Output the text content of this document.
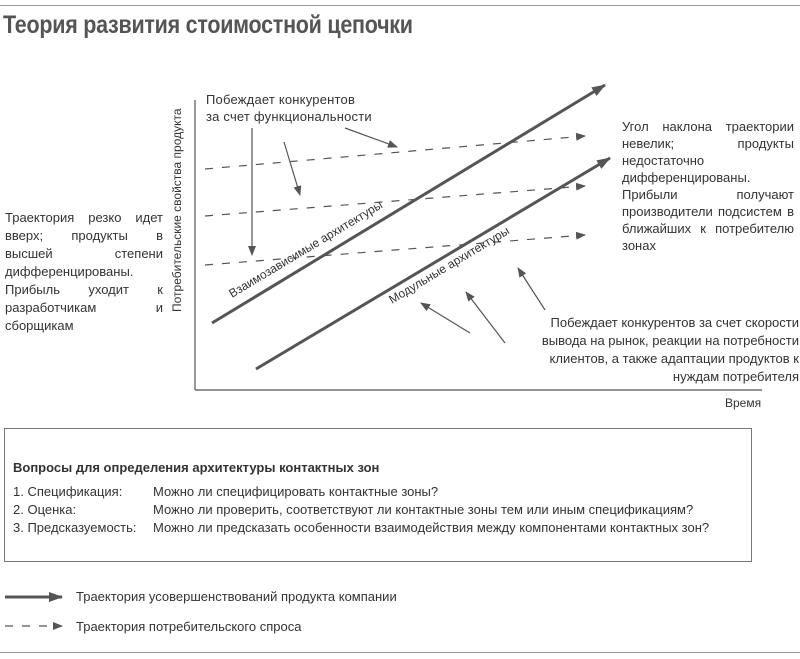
Теория развития стоимостной цепочки
Потребительские свойства продукта
Время
Взаимозависимые архитектуры Модульные архитектуры
Побеждает конкурентов
за счет функциональности
Траектория резко идет вверх; продукты в высшей степени дифференцированы. Прибыль уходит к разработчикам и сборщикам
Угол наклона траектории невелик; продукты недостаточно дифференцированы. Прибыли получают производители подсистем в ближайших к потребителю зонах
Побеждает конкурентов за счет скорости вывода на рынок, реакции на потребности клиентов, а также адаптации продуктов к нуждам потребителя
Вопросы для определения архитектуры контактных зон
1. Спецификация: Можно ли специфицировать контактные зоны?
2. Оценка:	Можно ли проверить, соответствуют ли контактные зоны тем или иным спецификациям?
3. Предсказуемость: Можно ли предсказать особенности взаимодействия между компонентами контактных зон?
Траектория усовершенствований продукта компании
Траектория потребительского спроса
